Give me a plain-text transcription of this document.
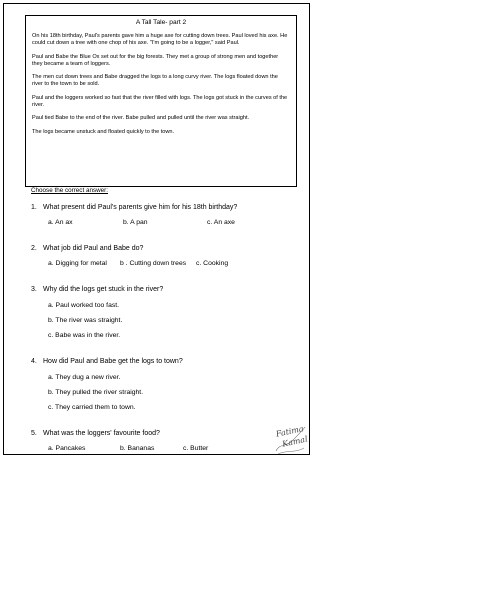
A Tall Tale- part 2

On his 18th birthday, Paul's parents gave him a huge axe for cutting down trees. Paul loved his axe. He could cut down a tree with one chop of his axe. "I'm going to be a logger," said Paul.

Paul and Babe the Blue Ox set out for the big forests. They met a group of strong men and together they became a team of loggers.

The men cut down trees and Babe dragged the logs to a long curvy river. The logs floated down the river to the town to be sold.

Paul and the loggers worked so fast that the river filled with logs. The logs got stuck in the curves of the river.

Paul tied Babe to the end of the river. Babe pulled and pulled until the river was straight.

The logs became unstuck and floated quickly to the town.

Choose the correct answer:
1. What present did Paul's parents give him for his 18th birthday?
a. An ax	b. A pan	c. An axe
2. What job did Paul and Babe do?
a. Digging for metal	b . Cutting down trees	c. Cooking
3. Why did the logs get stuck in the river?
a. Paul worked too fast.
b. The river was straight.
c. Babe was in the river.
4. How did Paul and Babe get the logs to town?
a. They dug a new river.
b. They pulled the river straight.
c. They carried them to town.
5. What was the loggers' favourite food?
a. Pancakes	b. Bananas	c. Butter
Fatima
Kamal
